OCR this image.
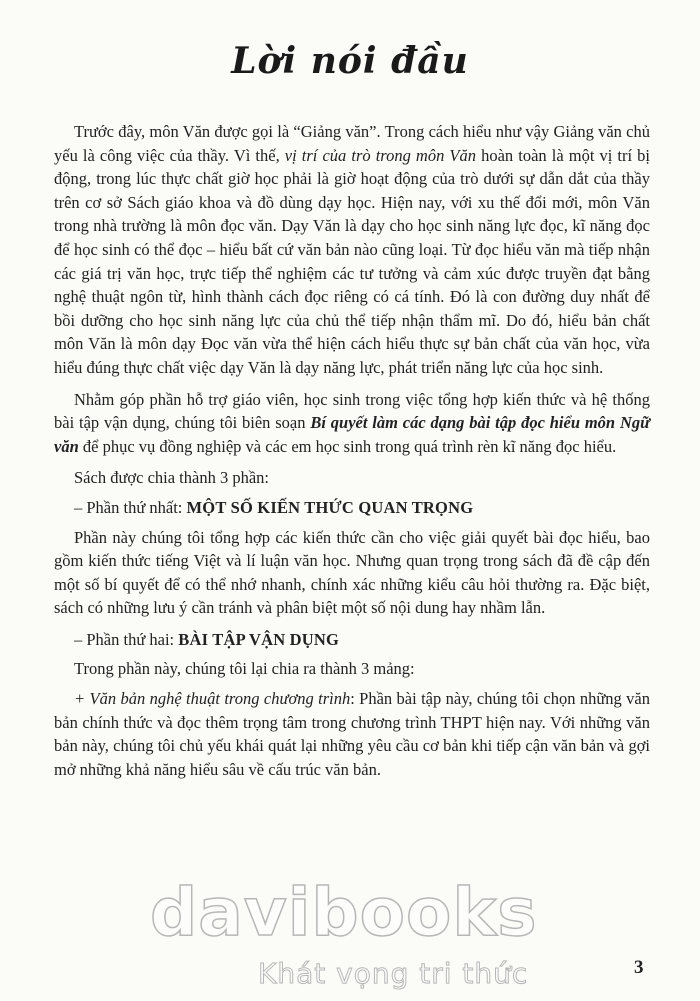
Lời nói đầu

Trước đây, môn Văn được gọi là “Giảng văn”. Trong cách hiểu như vậy Giảng văn chủ yếu là công việc của thầy. Vì thế, vị trí của trò trong môn Văn hoàn toàn là một vị trí bị động, trong lúc thực chất giờ học phải là giờ hoạt động của trò dưới sự dẫn dắt của thầy trên cơ sở Sách giáo khoa và đồ dùng dạy học. Hiện nay, với xu thế đổi mới, môn Văn trong nhà trường là môn đọc văn. Dạy Văn là dạy cho học sinh năng lực đọc, kĩ năng đọc để học sinh có thể đọc – hiểu bất cứ văn bản nào cũng loại. Từ đọc hiểu văn mà tiếp nhận các giá trị văn học, trực tiếp thể nghiệm các tư tưởng và cảm xúc được truyền đạt bằng nghệ thuật ngôn từ, hình thành cách đọc riêng có cá tính. Đó là con đường duy nhất để bồi dưỡng cho học sinh năng lực của chủ thể tiếp nhận thẩm mĩ. Do đó, hiểu bản chất môn Văn là môn dạy Đọc văn vừa thể hiện cách hiểu thực sự bản chất của văn học, vừa hiểu đúng thực chất việc dạy Văn là dạy năng lực, phát triển năng lực của học sinh.

Nhằm góp phần hỗ trợ giáo viên, học sinh trong việc tổng hợp kiến thức và hệ thống bài tập vận dụng, chúng tôi biên soạn Bí quyết làm các dạng bài tập đọc hiểu môn Ngữ văn để phục vụ đồng nghiệp và các em học sinh trong quá trình rèn kĩ năng đọc hiểu.

Sách được chia thành 3 phần:

– Phần thứ nhất: MỘT SỐ KIẾN THỨC QUAN TRỌNG

Phần này chúng tôi tổng hợp các kiến thức cần cho việc giải quyết bài đọc hiểu, bao gồm kiến thức tiếng Việt và lí luận văn học. Nhưng quan trọng trong sách đã đề cập đến một số bí quyết để có thể nhớ nhanh, chính xác những kiểu câu hỏi thường ra. Đặc biệt, sách có những lưu ý cần tránh và phân biệt một số nội dung hay nhầm lẫn.

– Phần thứ hai: BÀI TẬP VẬN DỤNG

Trong phần này, chúng tôi lại chia ra thành 3 mảng:

+ Văn bản nghệ thuật trong chương trình: Phần bài tập này, chúng tôi chọn những văn bản chính thức và đọc thêm trọng tâm trong chương trình THPT hiện nay. Với những văn bản này, chúng tôi chủ yếu khái quát lại những yêu cầu cơ bản khi tiếp cận văn bản và gợi mở những khả năng hiểu sâu về cấu trúc văn bản.

davibooks
Khát vọng tri thức	3
